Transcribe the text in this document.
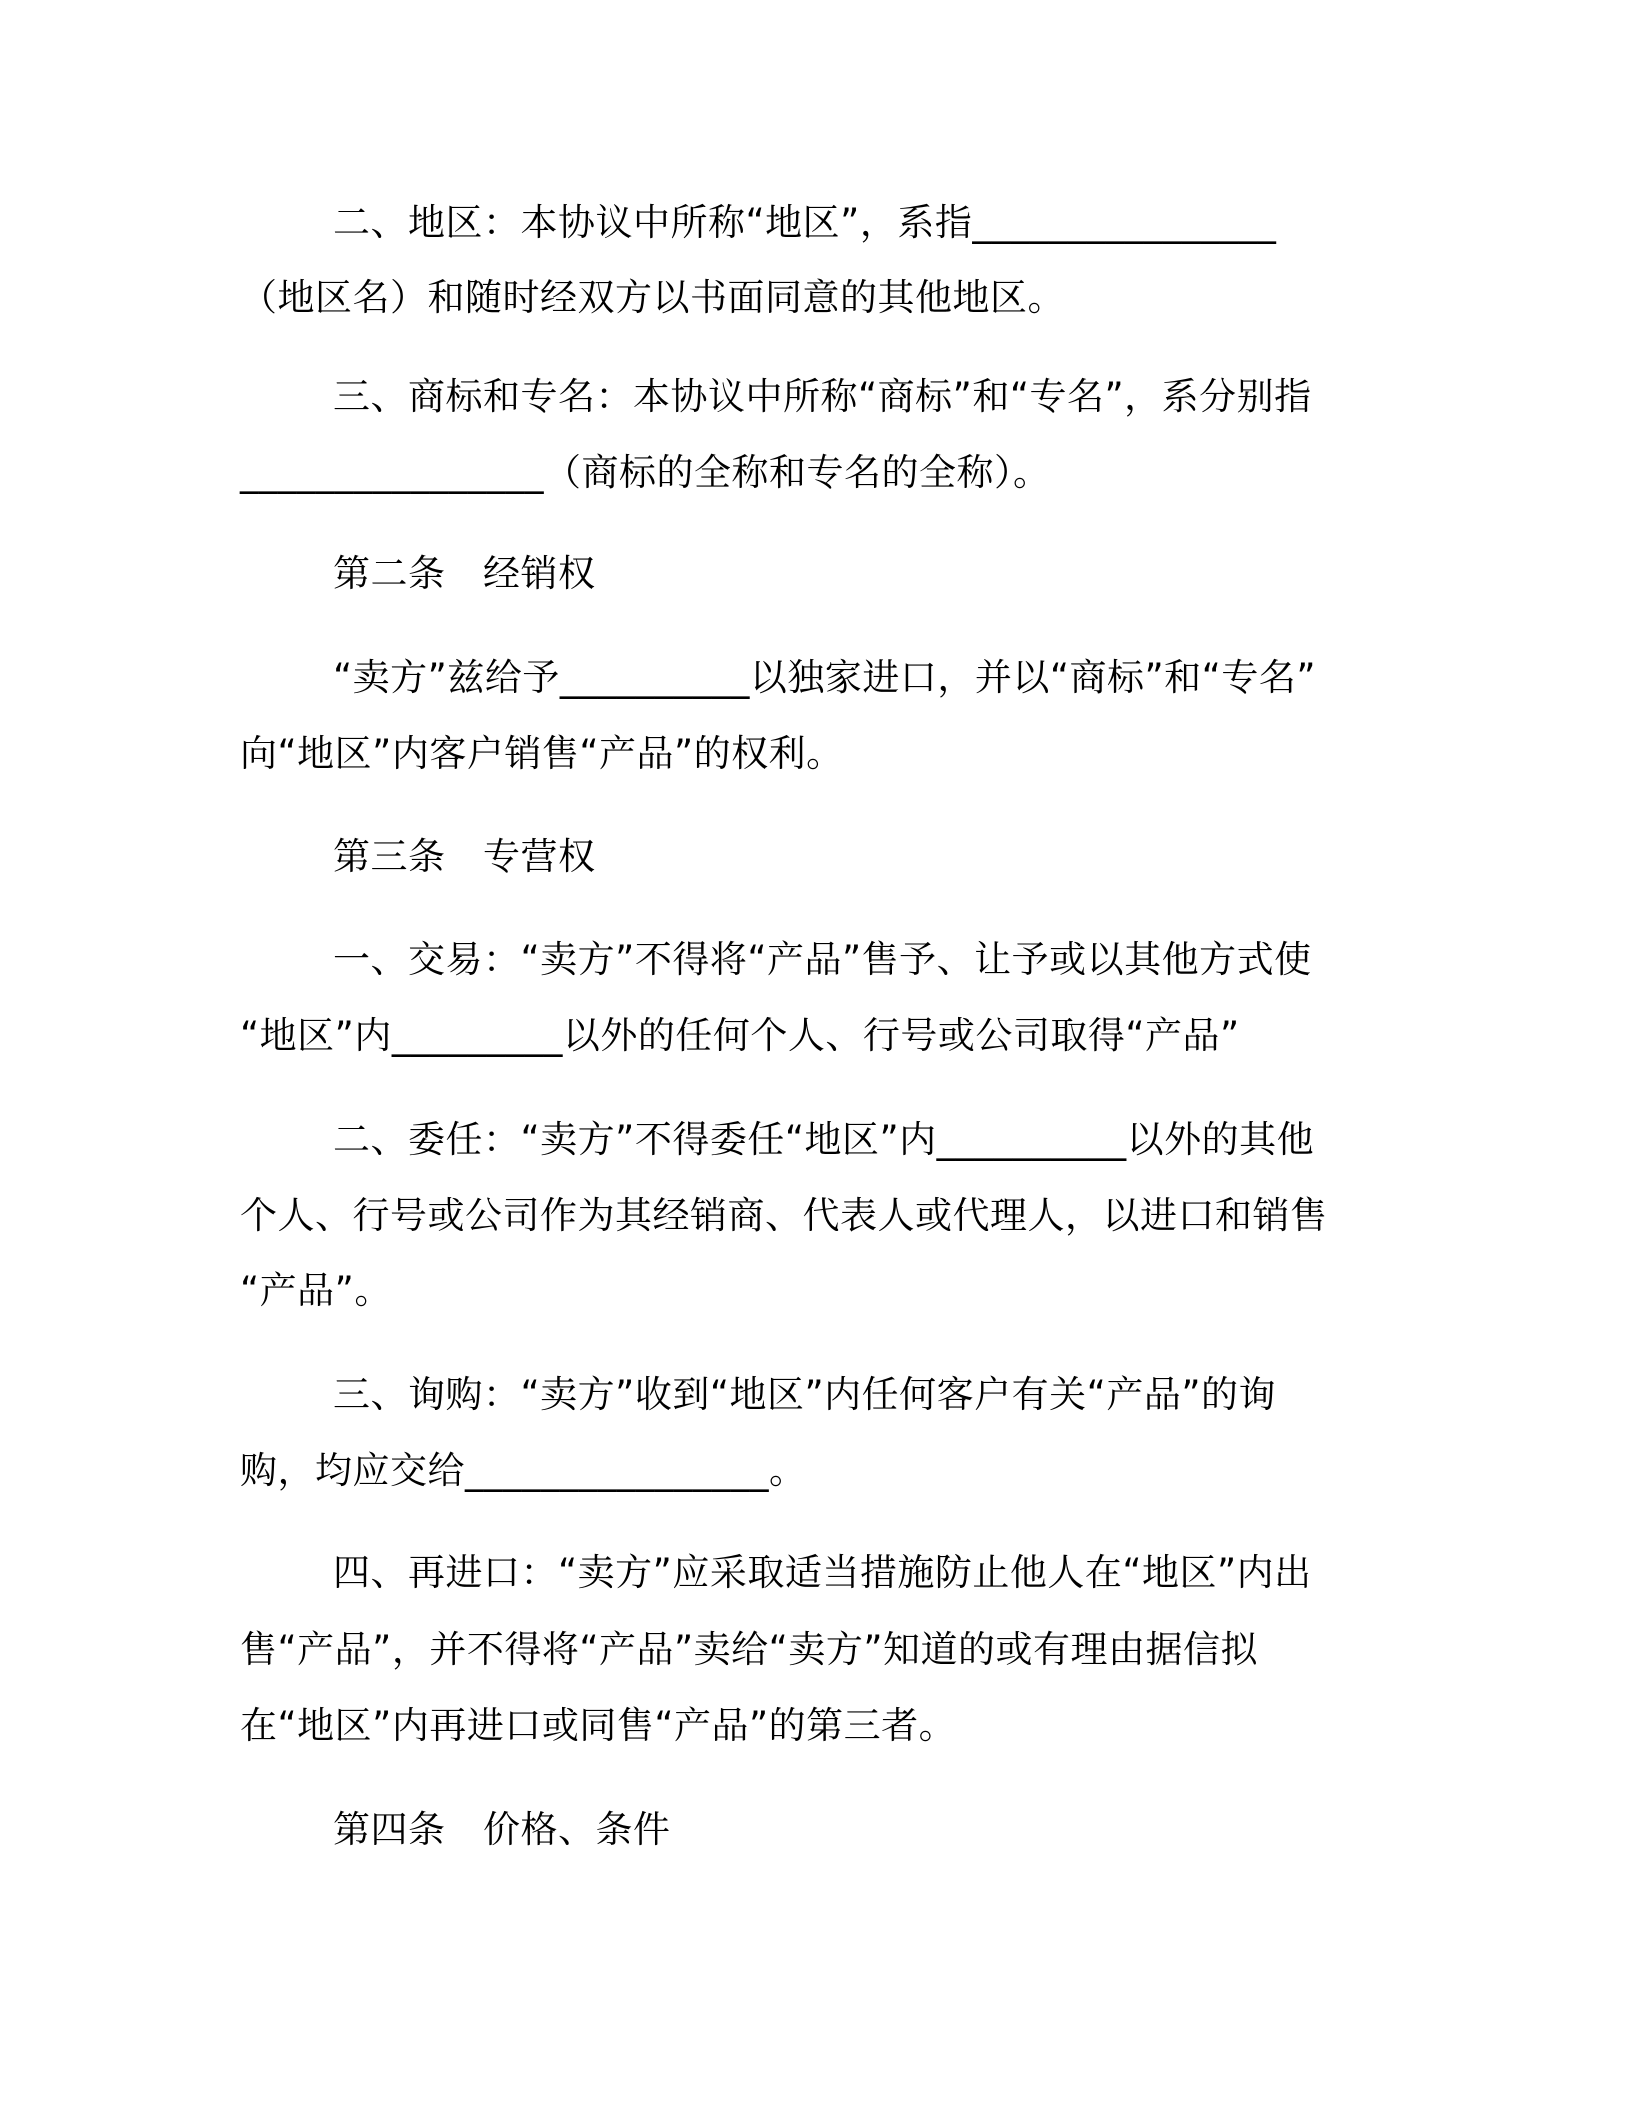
二、地区：本协议中所称“地区”，系指________________
（地区名）和随时经双方以书面同意的其他地区。
三、商标和专名：本协议中所称“商标”和“专名”，系分别指
________________（商标的全称和专名的全称）。
第二条　经销权
“卖方”兹给予__________以独家进口，并以“商标”和“专名”
向“地区”内客户销售“产品”的权利。
第三条　专营权
一、交易：“卖方”不得将“产品”售予、让予或以其他方式使
“地区”内_________以外的任何个人、行号或公司取得“产品”
二、委任：“卖方”不得委任“地区”内__________以外的其他
个人、行号或公司作为其经销商、代表人或代理人，以进口和销售
“产品”。
三、询购：“卖方”收到“地区”内任何客户有关“产品”的询
购，均应交给________________。
四、再进口：“卖方”应采取适当措施防止他人在“地区”内出
售“产品”，并不得将“产品”卖给“卖方”知道的或有理由据信拟
在“地区”内再进口或同售“产品”的第三者。
第四条　价格、条件
